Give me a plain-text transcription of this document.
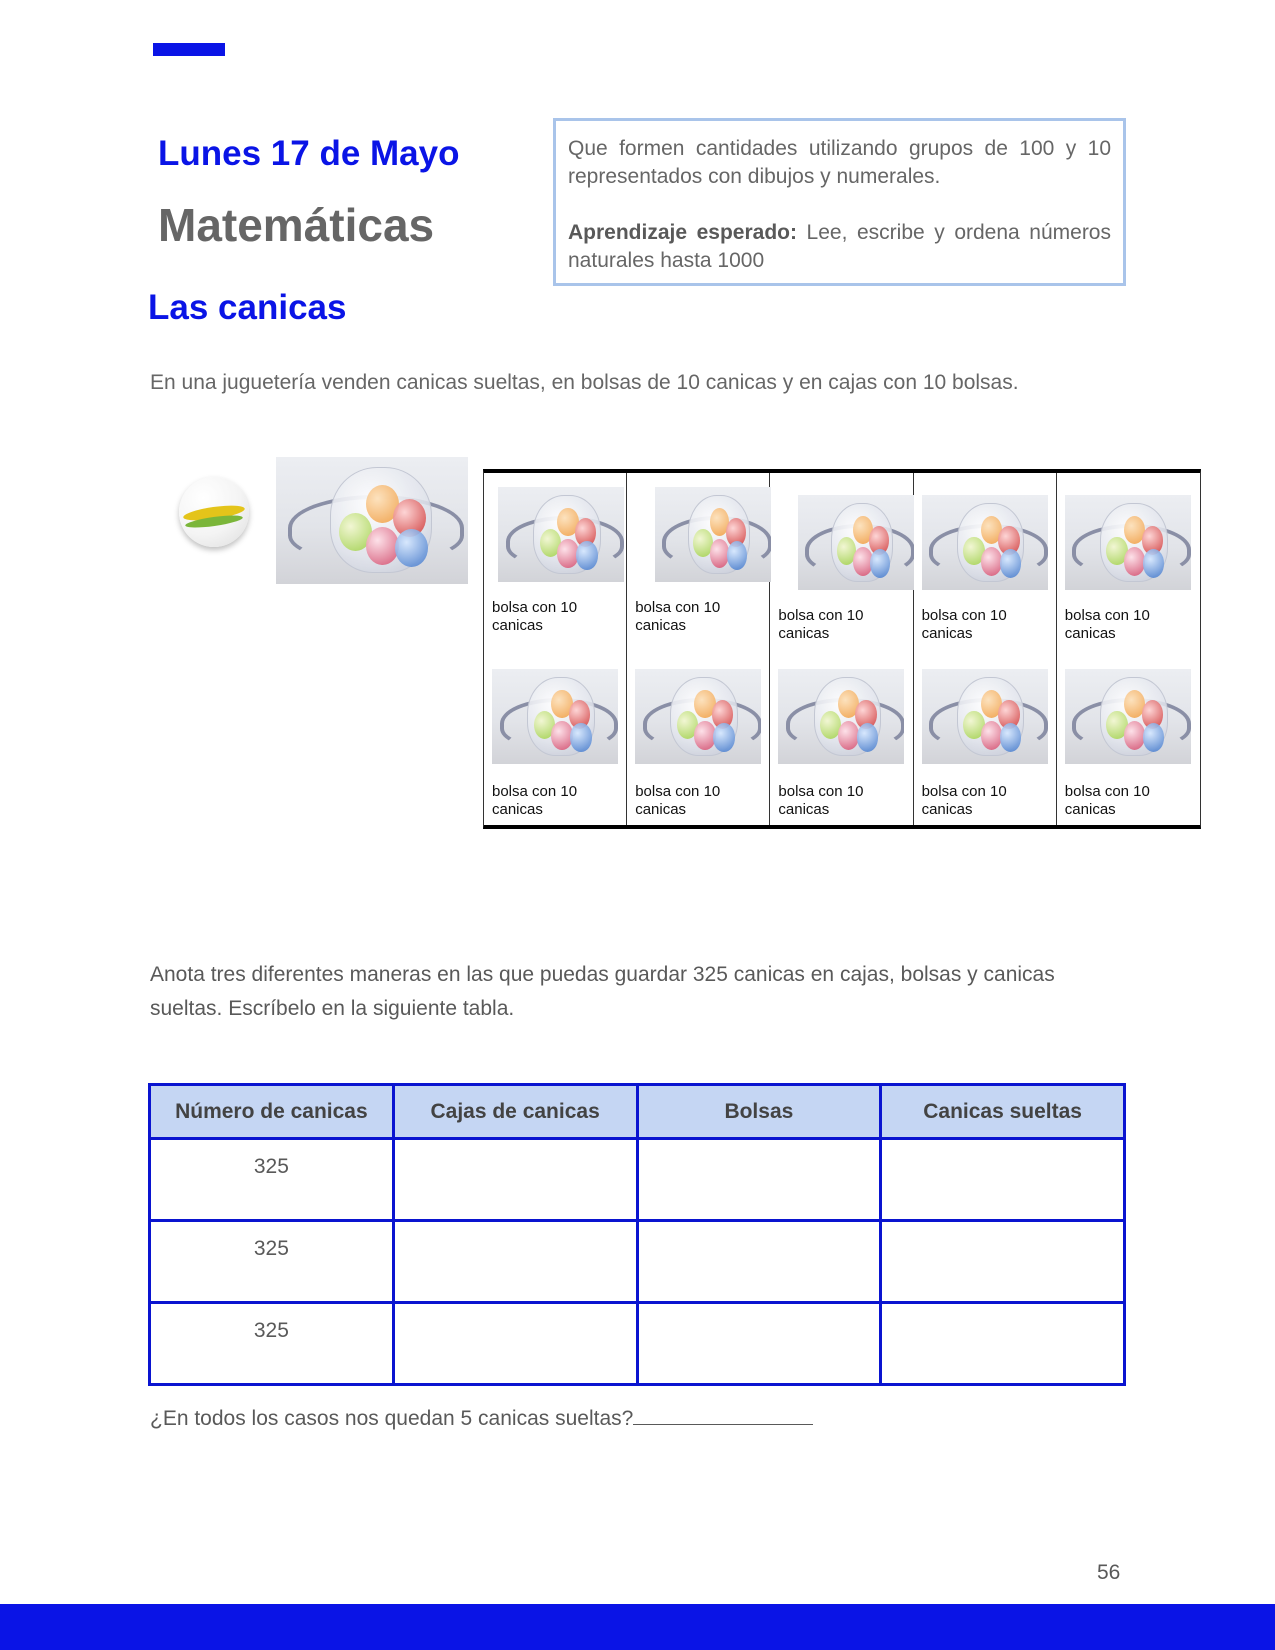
Lunes 17 de Mayo
Matemáticas

Que formen cantidades utilizando grupos de 100 y 10 representados con dibujos y numerales.

Aprendizaje esperado: Lee, escribe y ordena números naturales hasta 1000

Las canicas
En una juguetería venden canicas sueltas, en bolsas de 10 canicas y en cajas con 10 bolsas.
bolsa con 10
canicas
bolsa con 10
canicas
bolsa con 10
canicas
bolsa con 10
canicas
bolsa con 10
canicas
bolsa con 10
canicas
bolsa con 10
canicas
bolsa con 10
canicas
bolsa con 10
canicas
bolsa con 10
canicas
Anota tres diferentes maneras en las que puedas guardar 325 canicas en cajas, bolsas y canicas sueltas. Escríbelo en la siguiente tabla.
Número de canicas	Cajas de canicas	Bolsas	Canicas sueltas
325			
325			
325			
¿En todos los casos nos quedan 5 canicas sueltas?
56
